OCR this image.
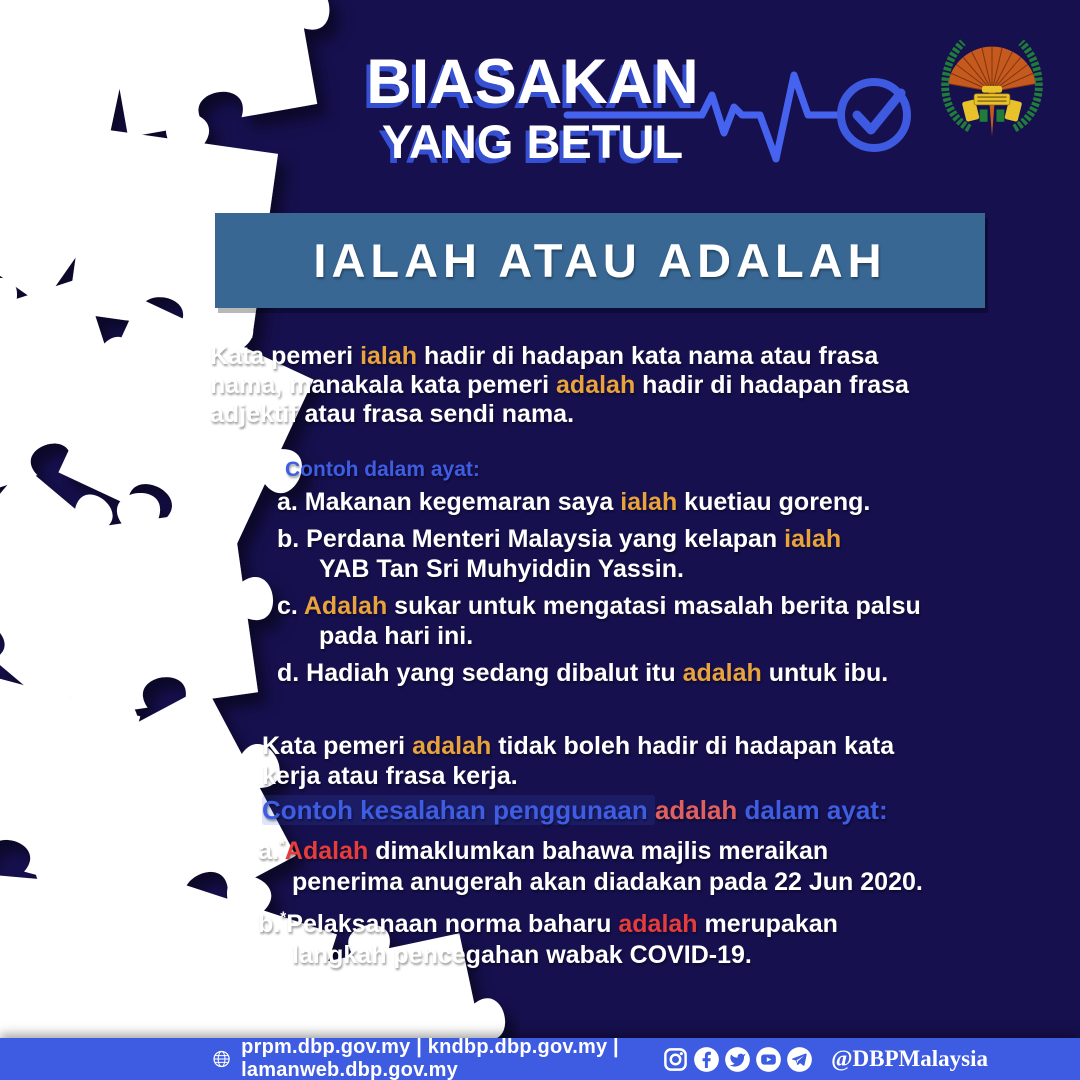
BIASAKAN
YANG BETUL
IALAH ATAU ADALAH
Kata pemeri ialah hadir di hadapan kata nama atau frasa
nama, manakala kata pemeri adalah hadir di hadapan frasa
adjektif atau frasa sendi nama.
Contoh dalam ayat:
a. Makanan kegemaran saya ialah kuetiau goreng.
b. Perdana Menteri Malaysia yang kelapan ialah
YAB Tan Sri Muhyiddin Yassin.
c. Adalah sukar untuk mengatasi masalah berita palsu
pada hari ini.
d. Hadiah yang sedang dibalut itu adalah untuk ibu.
Kata pemeri adalah tidak boleh hadir di hadapan kata
kerja atau frasa kerja.
Contoh kesalahan penggunaan adalah dalam ayat:
a.*Adalah dimaklumkan bahawa majlis meraikan
penerima anugerah akan diadakan pada 22 Jun 2020.
b.*Pelaksanaan norma baharu adalah merupakan
langkah pencegahan wabak COVID-19.
prpm.dbp.gov.my | kndbp.dbp.gov.my | lamanweb.dbp.gov.my	@DBPMalaysia
